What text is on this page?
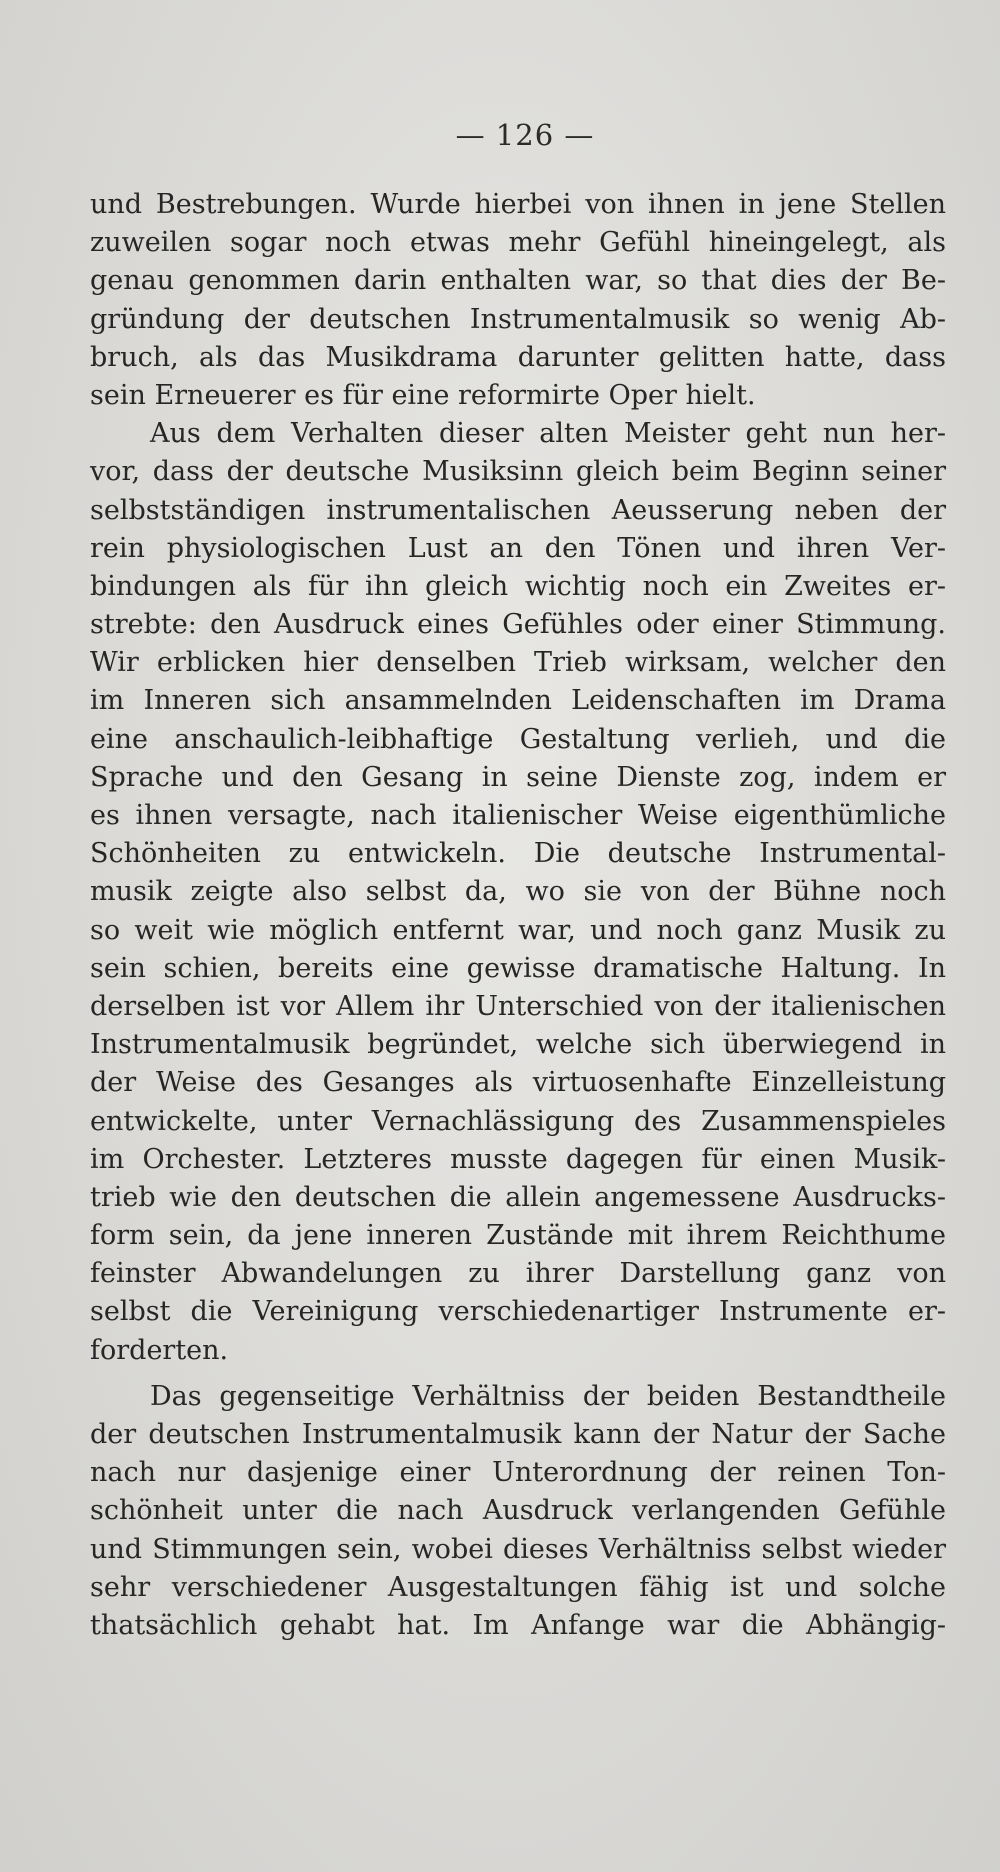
— 126 —
und Bestrebungen. Wurde hierbei von ihnen in jene Stellen
zuweilen sogar noch etwas mehr Gefühl hineingelegt, als
genau genommen darin enthalten war, so that dies der Be-
gründung der deutschen Instrumentalmusik so wenig Ab-
bruch, als das Musikdrama darunter gelitten hatte, dass
sein Erneuerer es für eine reformirte Oper hielt.
Aus dem Verhalten dieser alten Meister geht nun her-
vor, dass der deutsche Musiksinn gleich beim Beginn seiner
selbstständigen instrumentalischen Aeusserung neben der
rein physiologischen Lust an den Tönen und ihren Ver-
bindungen als für ihn gleich wichtig noch ein Zweites er-
strebte: den Ausdruck eines Gefühles oder einer Stimmung.
Wir erblicken hier denselben Trieb wirksam, welcher den
im Inneren sich ansammelnden Leidenschaften im Drama
eine anschaulich-leibhaftige Gestaltung verlieh, und die
Sprache und den Gesang in seine Dienste zog, indem er
es ihnen versagte, nach italienischer Weise eigenthümliche
Schönheiten zu entwickeln. Die deutsche Instrumental-
musik zeigte also selbst da, wo sie von der Bühne noch
so weit wie möglich entfernt war, und noch ganz Musik zu
sein schien, bereits eine gewisse dramatische Haltung. In
derselben ist vor Allem ihr Unterschied von der italienischen
Instrumentalmusik begründet, welche sich überwiegend in
der Weise des Gesanges als virtuosenhafte Einzelleistung
entwickelte, unter Vernachlässigung des Zusammenspieles
im Orchester. Letzteres musste dagegen für einen Musik-
trieb wie den deutschen die allein angemessene Ausdrucks-
form sein, da jene inneren Zustände mit ihrem Reichthume
feinster Abwandelungen zu ihrer Darstellung ganz von
selbst die Vereinigung verschiedenartiger Instrumente er-
forderten.
Das gegenseitige Verhältniss der beiden Bestandtheile
der deutschen Instrumentalmusik kann der Natur der Sache
nach nur dasjenige einer Unterordnung der reinen Ton-
schönheit unter die nach Ausdruck verlangenden Gefühle
und Stimmungen sein, wobei dieses Verhältniss selbst wieder
sehr verschiedener Ausgestaltungen fähig ist und solche
thatsächlich gehabt hat. Im Anfange war die Abhängig-
